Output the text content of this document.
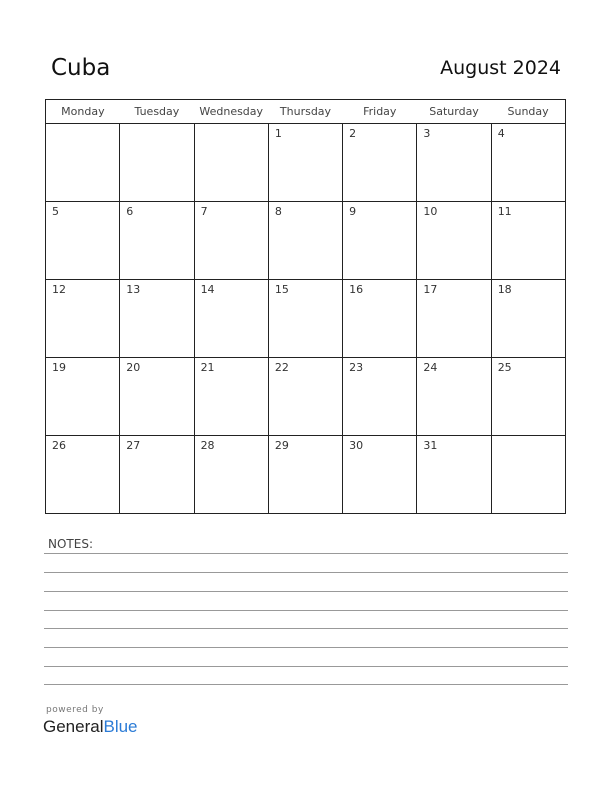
Cuba	August 2024
Monday	Tuesday	Wednesday	Thursday	Friday	Saturday	Sunday

			1	2	3	4

5	6	7	8	9	10	11

12	13	14	15	16	17	18

19	20	21	22	23	24	25

26	27	28	29	30	31	

NOTES:
powered by
GeneralBlue
